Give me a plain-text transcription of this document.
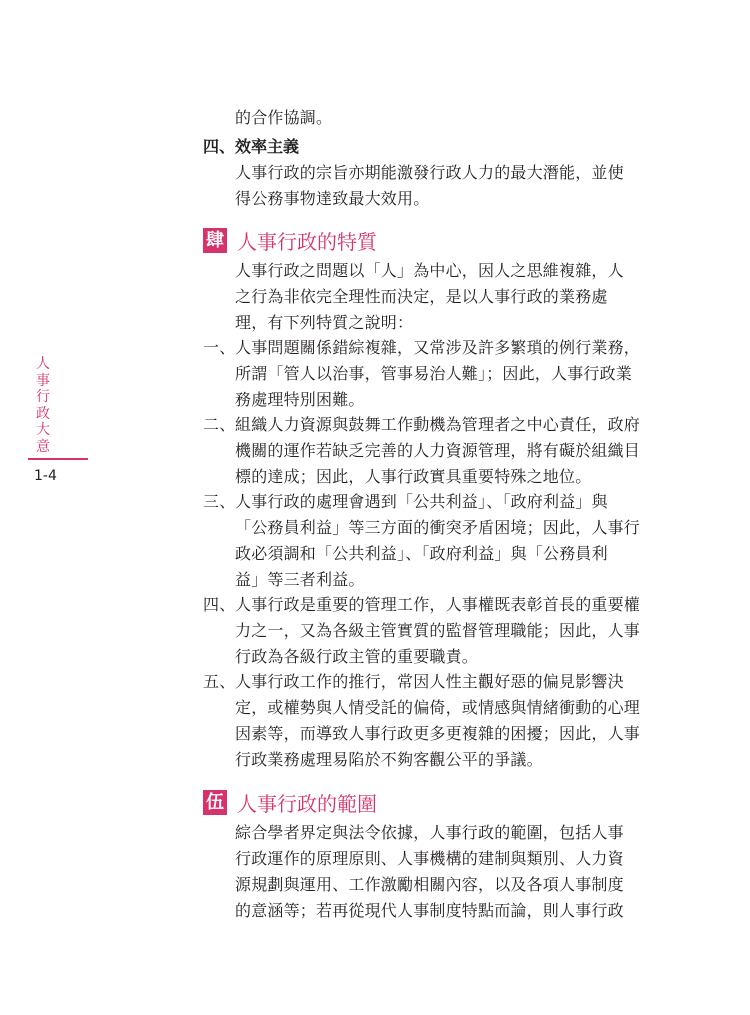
人事行政大意
1-4
的合作協調。
四、效率主義
人事行政的宗旨亦期能激發行政人力的最大潛能，並使
得公務事物達致最大效用。
肆 人事行政的特質
人事行政之問題以「人」為中心，因人之思維複雜，人
之行為非依完全理性而決定，是以人事行政的業務處
理，有下列特質之說明：
一、 人事問題關係錯綜複雜，又常涉及許多繁瑣的例行業務，
所謂「管人以治事，管事易治人難」；因此，人事行政業
務處理特別困難。
二、 組織人力資源與鼓舞工作動機為管理者之中心責任，政府
機關的運作若缺乏完善的人力資源管理，將有礙於組織目
標的達成；因此，人事行政實具重要特殊之地位。
三、 人事行政的處理會遇到「公共利益」、「政府利益」與
「公務員利益」等三方面的衝突矛盾困境；因此，人事行
政必須調和「公共利益」、「政府利益」與「公務員利
益」等三者利益。
四、 人事行政是重要的管理工作，人事權既表彰首長的重要權
力之一，又為各級主管實質的監督管理職能；因此，人事
行政為各級行政主管的重要職責。
五、 人事行政工作的推行，常因人性主觀好惡的偏見影響決
定，或權勢與人情受託的偏倚，或情感與情緒衝動的心理
因素等，而導致人事行政更多更複雜的困擾；因此，人事
行政業務處理易陷於不夠客觀公平的爭議。
伍 人事行政的範圍
綜合學者界定與法令依據，人事行政的範圍，包括人事
行政運作的原理原則、人事機構的建制與類別、人力資
源規劃與運用、工作激勵相關內容，以及各項人事制度
的意涵等；若再從現代人事制度特點而論，則人事行政
